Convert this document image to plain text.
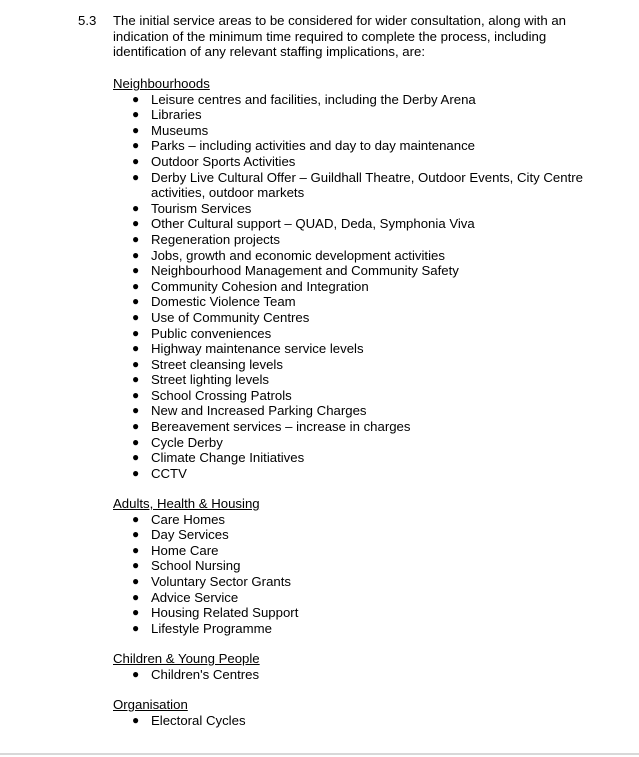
5.3 The initial service areas to be considered for wider consultation, along with an indication of the minimum time required to complete the process, including identification of any relevant staffing implications, are:

Neighbourhoods

● Leisure centres and facilities, including the Derby Arena
● Libraries
● Museums
● Parks – including activities and day to day maintenance
● Outdoor Sports Activities
● Derby Live Cultural Offer – Guildhall Theatre, Outdoor Events, City Centre activities, outdoor markets
● Tourism Services
● Other Cultural support – QUAD, Deda, Symphonia Viva
● Regeneration projects
● Jobs, growth and economic development activities
● Neighbourhood Management and Community Safety
● Community Cohesion and Integration
● Domestic Violence Team
● Use of Community Centres
● Public conveniences
● Highway maintenance service levels
● Street cleansing levels
● Street lighting levels
● School Crossing Patrols
● New and Increased Parking Charges
● Bereavement services – increase in charges
● Cycle Derby
● Climate Change Initiatives
● CCTV

Adults, Health & Housing

● Care Homes
● Day Services
● Home Care
● School Nursing
● Voluntary Sector Grants
● Advice Service
● Housing Related Support
● Lifestyle Programme

Children & Young People

● Children's Centres

Organisation

● Electoral Cycles
